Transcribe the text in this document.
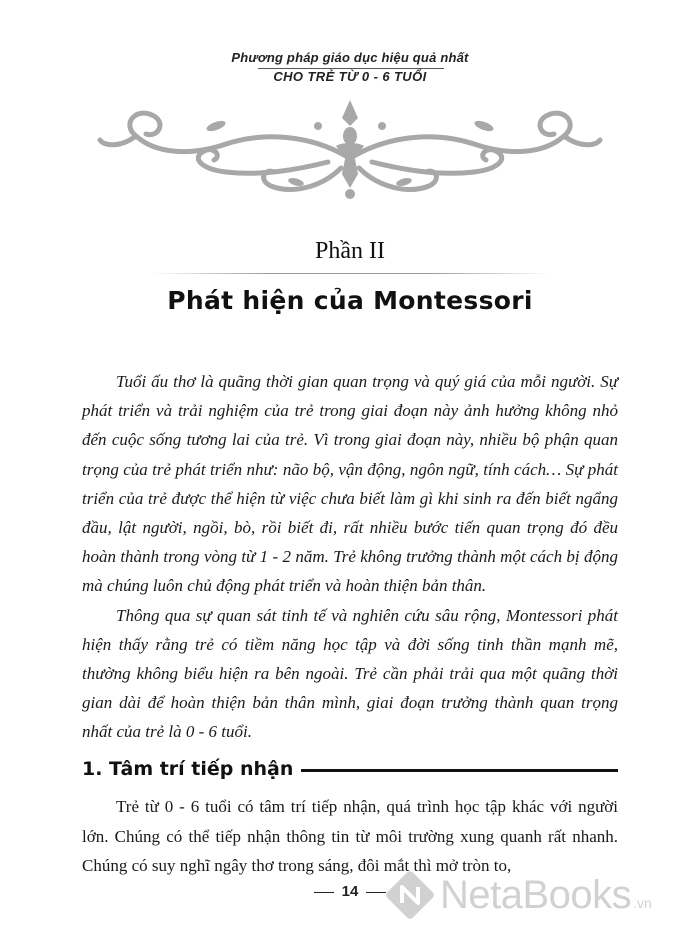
Phương pháp giáo dục hiệu quả nhất
CHO TRẺ TỪ 0 - 6 TUỔI
Phần II
Phát hiện của Montessori

Tuổi ấu thơ là quãng thời gian quan trọng và quý giá của mỗi người. Sự phát triển và trải nghiệm của trẻ trong giai đoạn này ảnh hưởng không nhỏ đến cuộc sống tương lai của trẻ. Vì trong giai đoạn này, nhiều bộ phận quan trọng của trẻ phát triển như: não bộ, vận động, ngôn ngữ, tính cách… Sự phát triển của trẻ được thể hiện từ việc chưa biết làm gì khi sinh ra đến biết ngẩng đầu, lật người, ngồi, bò, rồi biết đi, rất nhiều bước tiến quan trọng đó đều hoàn thành trong vòng từ 1 - 2 năm. Trẻ không trưởng thành một cách bị động mà chúng luôn chủ động phát triển và hoàn thiện bản thân.

Thông qua sự quan sát tinh tế và nghiên cứu sâu rộng, Montessori phát hiện thấy rằng trẻ có tiềm năng học tập và đời sống tinh thần mạnh mẽ, thường không biểu hiện ra bên ngoài. Trẻ cần phải trải qua một quãng thời gian dài để hoàn thiện bản thân mình, giai đoạn trưởng thành quan trọng nhất của trẻ là 0 - 6 tuổi.

1. Tâm trí tiếp nhận

Trẻ từ 0 - 6 tuổi có tâm trí tiếp nhận, quá trình học tập khác với người lớn. Chúng có thể tiếp nhận thông tin từ môi trường xung quanh rất nhanh. Chúng có suy nghĩ ngây thơ trong sáng, đôi mắt thì mở tròn to,

14	NetaBooks .vn
